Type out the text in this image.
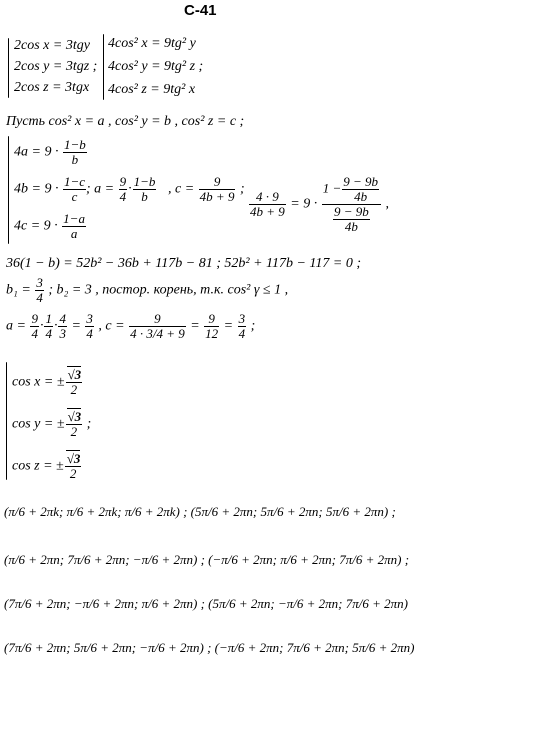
С-41
2cos x = 3tgy
2cos y = 3tgz ;
2cos z = 3tgx
4cos² x = 9tg² y
4cos² y = 9tg² z ;
4cos² z = 9tg² x
Пусть cos² x = a , cos² y = b , cos² z = c ;
$4a = 9 \cdot \frac{1-b}{b}$
$4b = 9 \cdot \frac{1-c}{c}$
$4c = 9 \cdot \frac{1-a}{a}$
; $a = \frac{9}{4} \cdot \frac{1-b}{b}$ , $c = \frac{9}{4b + 9}$ ;
$\frac{4 \cdot 9}{4b + 9} = 9 \cdot \frac{1 - \frac{9 - 9b}{4b}}{\frac{9 - 9b}{4b}}$ ,
36(1 − b) = 52b² − 36b + 117b − 81 ; 52b² + 117b − 117 = 0 ;
$b_1 = \frac{3}{4}$ ; b₂ = 3 , постор. корень, т.к. cos² γ ≤ 1 ,
$a = \frac{9}{4} \cdot \frac{1}{4} \cdot \frac{4}{3} = \frac{3}{4}$ , $c = \frac{9}{4 \cdot 3/4 + 9} = \frac{9}{12} = \frac{3}{4}$ ;
cos x = ± $\frac{√3}{2}$
cos y = ± $\frac{√3}{2}$ ;
cos z = ± $\frac{√3}{2}$
(π/6 + 2πk; π/6 + 2πk; π/6 + 2πk) ; (5π/6 + 2πn; 5π/6 + 2πn; 5π/6 + 2πn) ;
(π/6 + 2πn; 7π/6 + 2πn; −π/6 + 2πn) ; (−π/6 + 2πn; π/6 + 2πn; 7π/6 + 2πn) ;
(7π/6 + 2πn; −π/6 + 2πn; π/6 + 2πn) ; (5π/6 + 2πn; −π/6 + 2πn; 7π/6 + 2πn)
(7π/6 + 2πn; 5π/6 + 2πn; −π/6 + 2πn) ; (−π/6 + 2πn; 7π/6 + 2πn; 5π/6 + 2πn)
